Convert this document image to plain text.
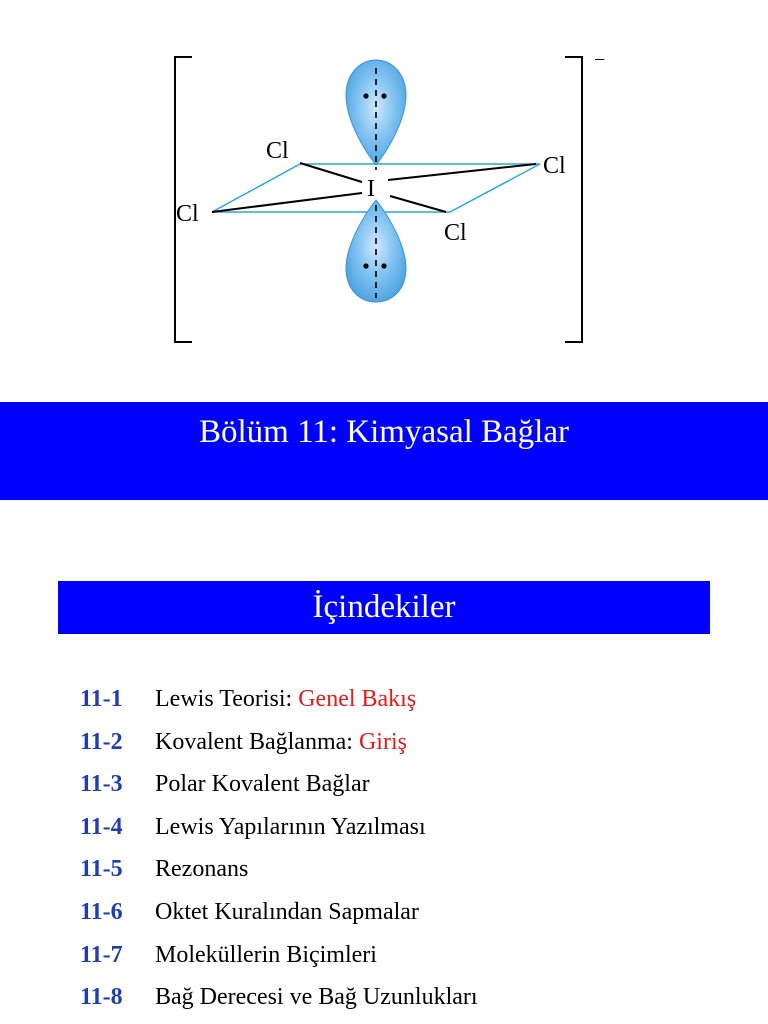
−
I
Cl
Cl
Cl
Cl
Bölüm 11: Kimyasal Bağlar
İçindekiler
11-1	Lewis Teorisi: Genel Bakış
11-2	Kovalent Bağlanma: Giriş
11-3	Polar Kovalent Bağlar
11-4	Lewis Yapılarının Yazılması
11-5	Rezonans
11-6	Oktet Kuralından Sapmalar
11-7	Moleküllerin Biçimleri
11-8	Bağ Derecesi ve Bağ Uzunlukları
